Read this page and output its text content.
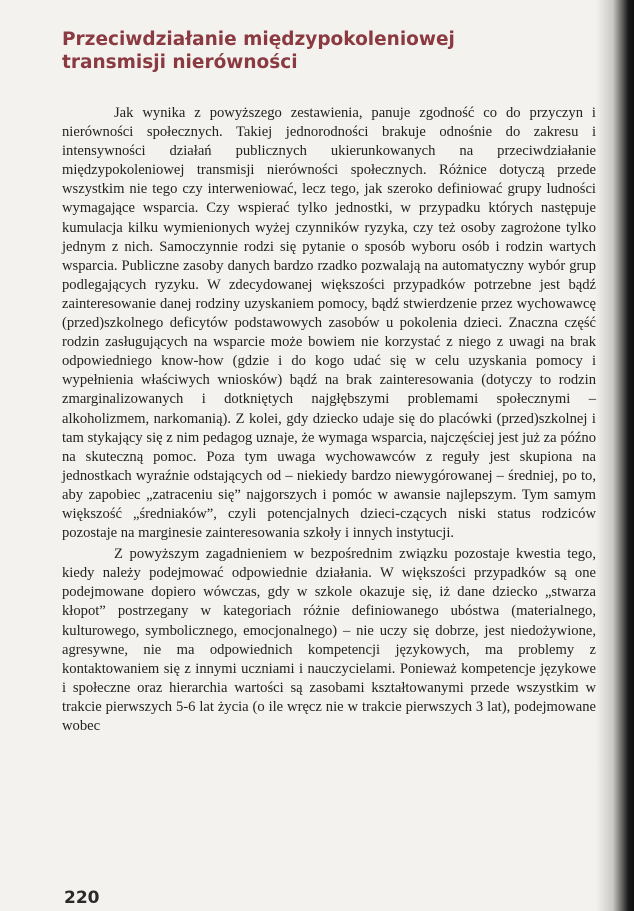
Przeciwdziałanie międzypokoleniowej transmisji nierówności

Jak wynika z powyższego zestawienia, panuje zgodność co do przyczyn i nierówności społecznych. Takiej jednorodności brakuje odnośnie do zakresu i intensywności działań publicznych ukierunkowanych na przeciwdziałanie międzypokoleniowej transmisji nierówności społecznych. Różnice dotyczą przede wszystkim nie tego czy interweniować, lecz tego, jak szeroko definiować grupy ludności wymagające wsparcia. Czy wspierać tylko jednostki, w przypadku których następuje kumulacja kilku wymienionych wyżej czynników ryzyka, czy też osoby zagrożone tylko jednym z nich. Samoczynnie rodzi się pytanie o sposób wyboru osób i rodzin wartych wsparcia. Publiczne zasoby danych bardzo rzadko pozwalają na automatyczny wybór grup podlegających ryzyku. W zdecydowanej większości przypadków potrzebne jest bądź zainteresowanie danej rodziny uzyskaniem pomocy, bądź stwierdzenie przez wychowawcę (przed)szkolnego deficytów podstawowych zasobów u pokolenia dzieci. Znaczna część rodzin zasługujących na wsparcie może bowiem nie korzystać z niego z uwagi na brak odpowiedniego know-how (gdzie i do kogo udać się w celu uzyskania pomocy i wypełnienia właściwych wniosków) bądź na brak zainteresowania (dotyczy to rodzin zmarginalizowanych i dotkniętych najgłębszymi problemami społecznymi – alkoholizmem, narkomanią). Z kolei, gdy dziecko udaje się do placówki (przed)szkolnej i tam stykający się z nim pedagog uznaje, że wymaga wsparcia, najczęściej jest już za późno na skuteczną pomoc. Poza tym uwaga wychowawców z reguły jest skupiona na jednostkach wyraźnie odstających od – niekiedy bardzo niewygórowanej – średniej, po to, aby zapobiec „zatraceniu się” najgorszych i pomóc w awansie najlepszym. Tym samym większość „średniaków”, czyli potencjalnych dzieci-czących niski status rodziców pozostaje na marginesie zainteresowania szkoły i innych instytucji.

Z powyższym zagadnieniem w bezpośrednim związku pozostaje kwestia tego, kiedy należy podejmować odpowiednie działania. W większości przypadków są one podejmowane dopiero wówczas, gdy w szkole okazuje się, iż dane dziecko „stwarza kłopot” postrzegany w kategoriach różnie definiowanego ubóstwa (materialnego, kulturowego, symbolicznego, emocjonalnego) – nie uczy się dobrze, jest niedożywione, agresywne, nie ma odpowiednich kompetencji językowych, ma problemy z kontaktowaniem się z innymi uczniami i nauczycielami. Ponieważ kompetencje językowe i społeczne oraz hierarchia wartości są zasobami kształtowanymi przede wszystkim w trakcie pierwszych 5-6 lat życia (o ile wręcz nie w trakcie pierwszych 3 lat), podejmowane wobec

220
